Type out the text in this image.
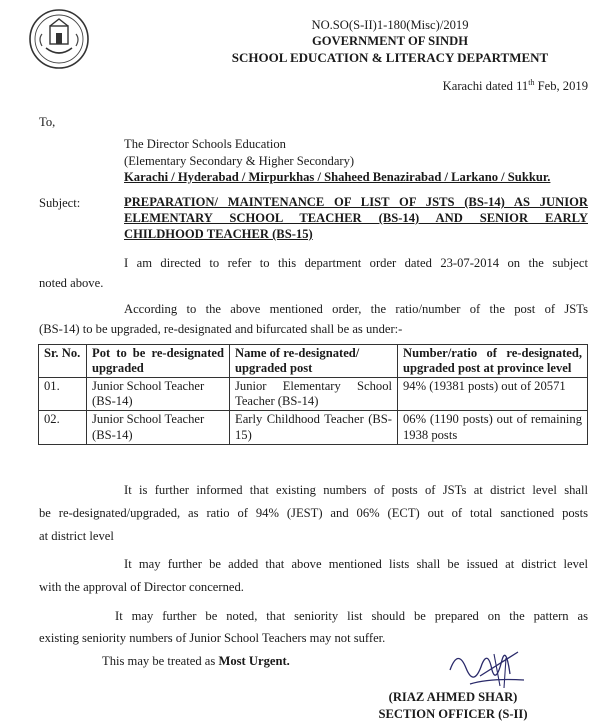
NO.SO(S-II)1-180(Misc)/2019
GOVERNMENT OF SINDH
SCHOOL EDUCATION & LITERACY DEPARTMENT
Karachi dated 11th Feb, 2019
To,
The Director Schools Education
(Elementary Secondary & Higher Secondary)
Karachi / Hyderabad / Mirpurkhas / Shaheed Benazirabad / Larkano / Sukkur.
Subject:	PREPARATION/ MAINTENANCE OF LIST OF JSTS (BS-14) AS JUNIOR
ELEMENTARY SCHOOL TEACHER (BS-14) AND SENIOR EARLY
CHILDHOOD TEACHER (BS-15)
I am directed to refer to this department order dated 23-07-2014 on the subject
noted above.
According to the above mentioned order, the ratio/number of the post of JSTs
(BS-14) to be upgraded, re-designated and bifurcated shall be as under:-
Sr. No.	Pot to be re-designated upgraded	Name of re-designated/ upgraded post	Number/ratio of re-designated, upgraded post at province level
01.	Junior School Teacher (BS-14)	Junior Elementary School Teacher (BS-14)	94% (19381 posts) out of 20571
02.	Junior School Teacher (BS-14)	Early Childhood Teacher (BS-15)	06% (1190 posts) out of remaining 1938 posts
It is further informed that existing numbers of posts of JSTs at district level shall
be re-designated/upgraded, as ratio of 94% (JEST) and 06% (ECT) out of total sanctioned posts
at district level
It may further be added that above mentioned lists shall be issued at district level
with the approval of Director concerned.
It may further be noted, that seniority list should be prepared on the pattern as
existing seniority numbers of Junior School Teachers may not suffer.
This may be treated as Most Urgent.
(RIAZ AHMED SHAR)
SECTION OFFICER (S-II)
